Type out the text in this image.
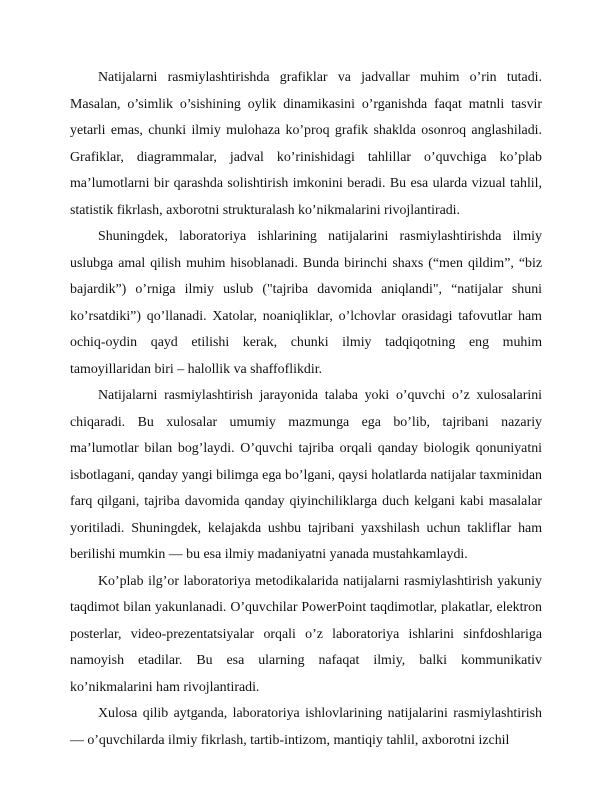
Natijalarni rasmiylashtirishda grafiklar va jadvallar muhim o’rin tutadi. Masalan, o’simlik o’sishining oylik dinamikasini o’rganishda faqat matnli tasvir yetarli emas, chunki ilmiy mulohaza ko’proq grafik shaklda osonroq anglashiladi. Grafiklar, diagrammalar, jadval ko’rinishidagi tahlillar o’quvchiga ko’plab ma’lumotlarni bir qarashda solishtirish imkonini beradi. Bu esa ularda vizual tahlil, statistik fikrlash, axborotni strukturalash ko’nikmalarini rivojlantiradi.

Shuningdek, laboratoriya ishlarining natijalarini rasmiylashtirishda ilmiy uslubga amal qilish muhim hisoblanadi. Bunda birinchi shaxs (“men qildim”, “biz bajardik”) o’rniga ilmiy uslub ("tajriba davomida aniqlandi", “natijalar shuni ko’rsatdiki”) qo’llanadi. Xatolar, noaniqliklar, o’lchovlar orasidagi tafovutlar ham ochiq-oydin qayd etilishi kerak, chunki ilmiy tadqiqotning eng muhim tamoyillaridan biri – halollik va shaffoflikdir.

Natijalarni rasmiylashtirish jarayonida talaba yoki o’quvchi o’z xulosalarini chiqaradi. Bu xulosalar umumiy mazmunga ega bo’lib, tajribani nazariy ma’lumotlar bilan bog’laydi. O’quvchi tajriba orqali qanday biologik qonuniyatni isbotlagani, qanday yangi bilimga ega bo’lgani, qaysi holatlarda natijalar taxminidan farq qilgani, tajriba davomida qanday qiyinchiliklarga duch kelgani kabi masalalar yoritiladi. Shuningdek, kelajakda ushbu tajribani yaxshilash uchun takliflar ham berilishi mumkin — bu esa ilmiy madaniyatni yanada mustahkamlaydi.

Ko’plab ilg’or laboratoriya metodikalarida natijalarni rasmiylashtirish yakuniy taqdimot bilan yakunlanadi. O’quvchilar PowerPoint taqdimotlar, plakatlar, elektron posterlar, video-prezentatsiyalar orqali o’z laboratoriya ishlarini sinfdoshlariga namoyish etadilar. Bu esa ularning nafaqat ilmiy, balki kommunikativ ko’nikmalarini ham rivojlantiradi.

Xulosa qilib aytganda, laboratoriya ishlovlarining natijalarini rasmiylashtirish — o’quvchilarda ilmiy fikrlash, tartib-intizom, mantiqiy tahlil, axborotni izchil
